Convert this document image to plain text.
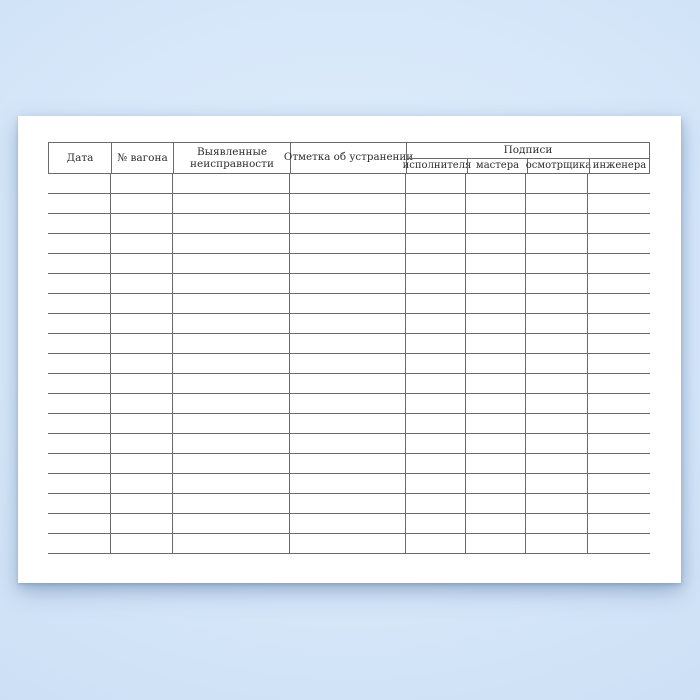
Дата	№ вагона
Выявленные неисправности
Отметка об устранении
Подписи
исполнителя мастера осмотрщика инженера
